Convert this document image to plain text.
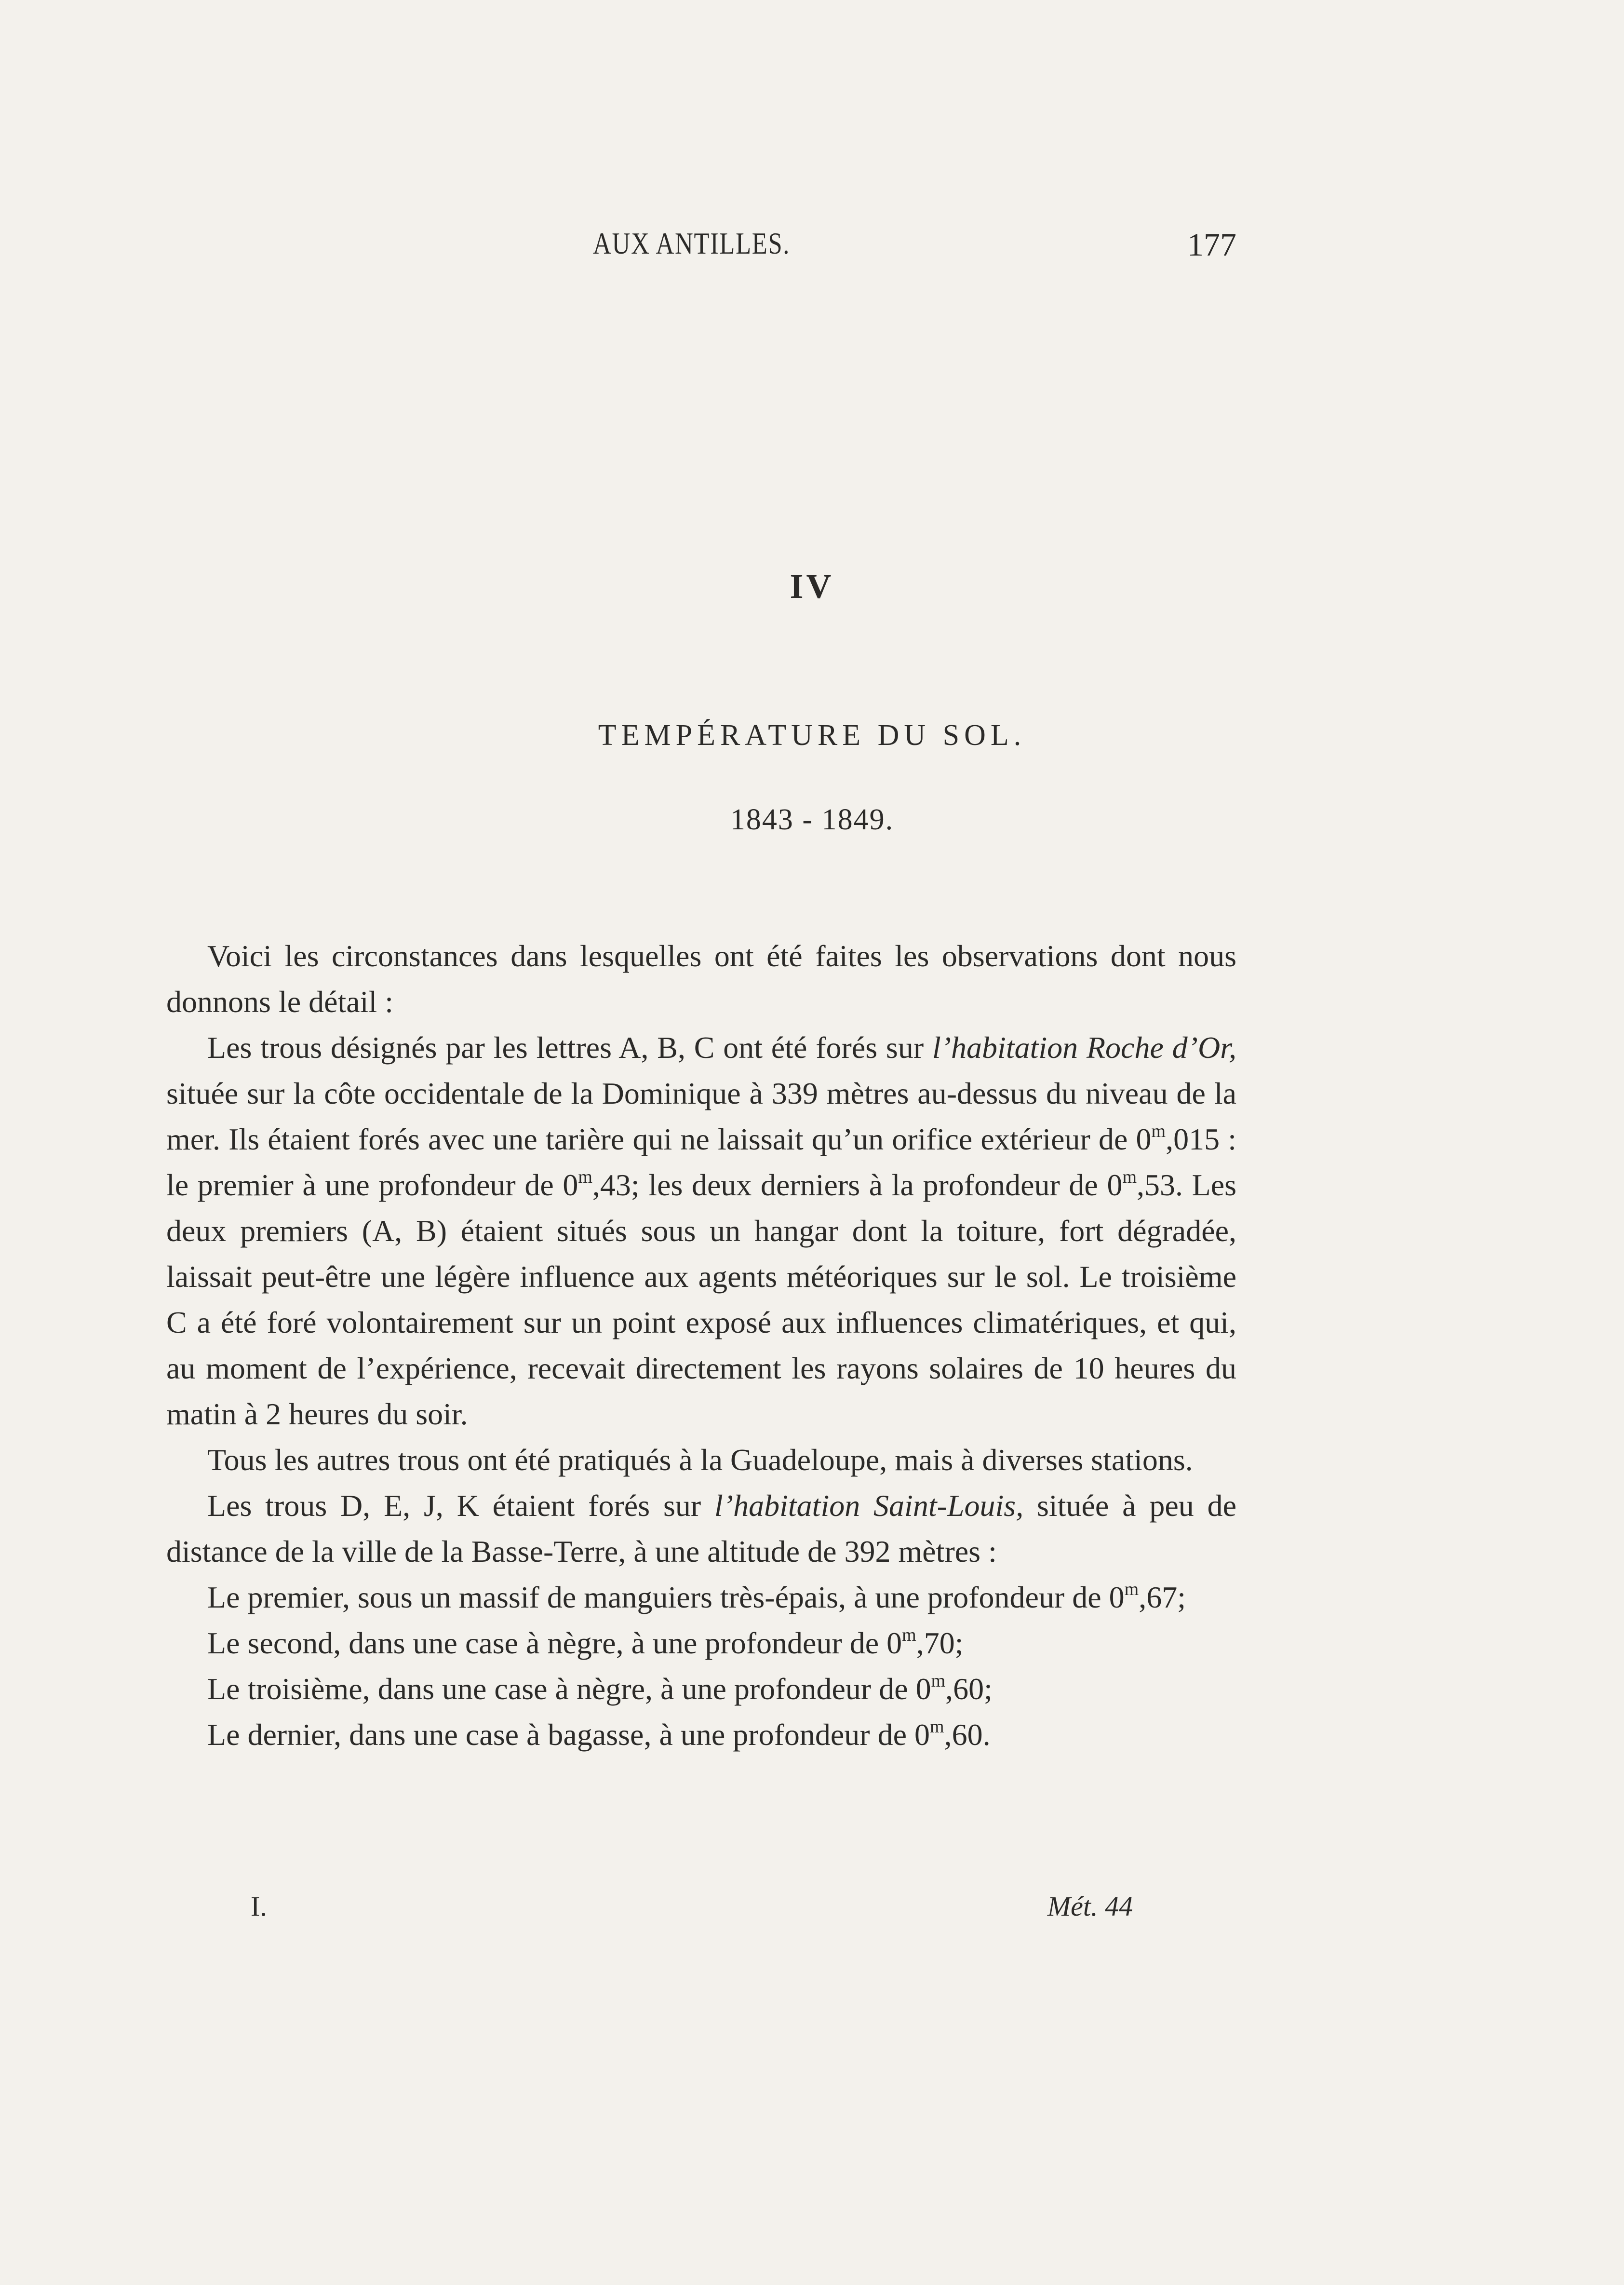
AUX ANTILLES.	177
IV
TEMPÉRATURE DU SOL.
1843 - 1849.

Voici les circonstances dans lesquelles ont été faites les observations dont nous donnons le détail :

Les trous désignés par les lettres A, B, C ont été forés sur l’habitation Roche d’Or, située sur la côte occidentale de la Dominique à 339 mètres au-dessus du niveau de la mer. Ils étaient forés avec une tarière qui ne laissait qu’un orifice extérieur de 0$^m$,015 : le premier à une profondeur de 0$^m$,43; les deux derniers à la profondeur de 0$^m$,53. Les deux premiers (A, B) étaient situés sous un hangar dont la toiture, fort dégradée, laissait peut-être une légère influence aux agents météoriques sur le sol. Le troisième C a été foré volontairement sur un point exposé aux influences climatériques, et qui, au moment de l’expérience, recevait directement les rayons solaires de 10 heures du matin à 2 heures du soir.

Tous les autres trous ont été pratiqués à la Guadeloupe, mais à diverses stations.

Les trous D, E, J, K étaient forés sur l’habitation Saint-Louis, située à peu de distance de la ville de la Basse-Terre, à une altitude de 392 mètres :

Le premier, sous un massif de manguiers très-épais, à une profondeur de 0$^m$,67;

Le second, dans une case à nègre, à une profondeur de 0$^m$,70;

Le troisième, dans une case à nègre, à une profondeur de 0$^m$,60;

Le dernier, dans une case à bagasse, à une profondeur de 0$^m$,60.

I.	Mét. 44
